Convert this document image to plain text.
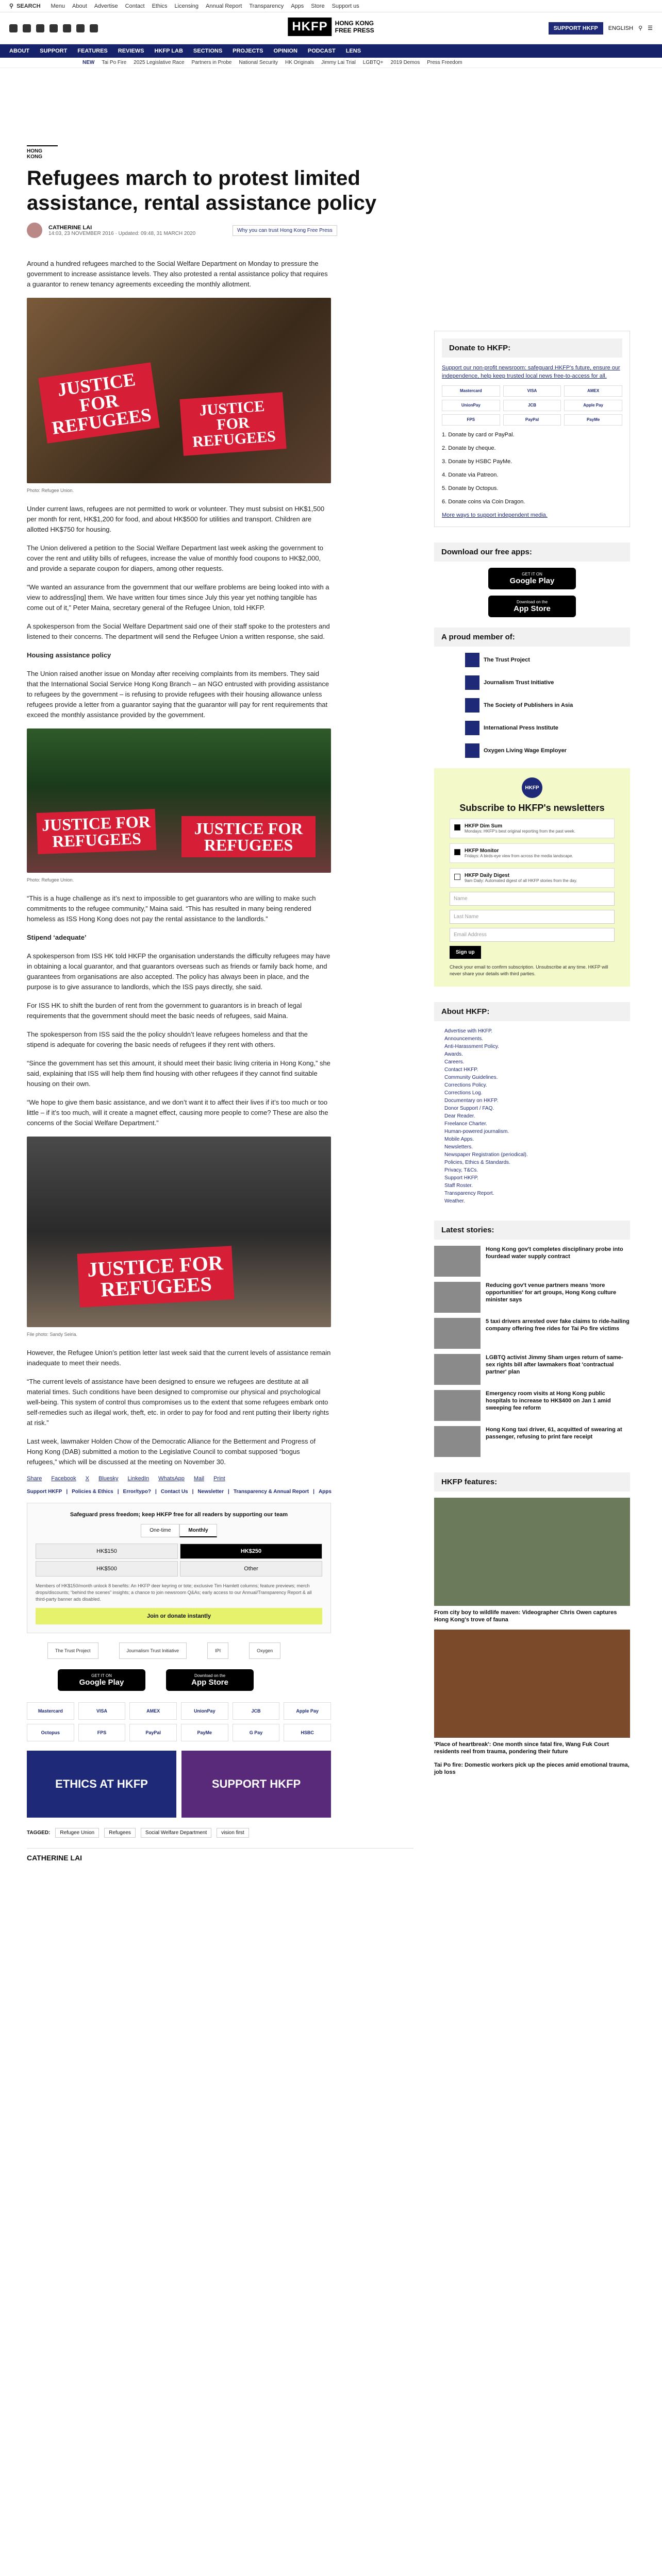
⚲ SEARCH Menu About Advertise Contact Ethics Licensing Annual Report Transparency Apps Store Support us
HKFP	HONG KONG
FREE PRESS	SUPPORT HKFP	ENGLISH ⚲ ☰
ABOUT SUPPORT FEATURES REVIEWS HKFP LAB SECTIONS PROJECTS OPINION PODCAST LENS
NEW Tai Po Fire 2025 Legislative Race Partners in Probe National Security HK Originals Jimmy Lai Trial LGBTQ+ 2019 Demos Press Freedom
HONG KONG
Refugees march to protest limited assistance, rental assistance policy
CATHERINE LAI
14:03, 23 NOVEMBER 2016 · Updated: 09:48, 31 MARCH 2020
Why you can trust Hong Kong Free Press

Around a hundred refugees marched to the Social Welfare Department on Monday to pressure the government to increase assistance levels. They also protested a rental assistance policy that requires a guarantor to renew tenancy agreements exceeding the monthly allotment.

JUSTICE FOR REFUGEES	JUSTICE FOR REFUGEES
Photo: Refugee Union.

Under current laws, refugees are not permitted to work or volunteer. They must subsist on HK$1,500 per month for rent, HK$1,200 for food, and about HK$500 for utilities and transport. Children are allotted HK$750 for housing.

The Union delivered a petition to the Social Welfare Department last week asking the government to cover the rent and utility bills of refugees, increase the value of monthly food coupons to HK$2,000, and provide a separate coupon for diapers, among other requests.

“We wanted an assurance from the government that our welfare problems are being looked into with a view to address[ing] them. We have written four times since July this year yet nothing tangible has come out of it,” Peter Maina, secretary general of the Refugee Union, told HKFP.

A spokesperson from the Social Welfare Department said one of their staff spoke to the protesters and listened to their concerns. The department will send the Refugee Union a written response, she said.

Housing assistance policy

The Union raised another issue on Monday after receiving complaints from its members. They said that the International Social Service Hong Kong Branch – an NGO entrusted with providing assistance to refugees by the government – is refusing to provide refugees with their housing allowance unless refugees provide a letter from a guarantor saying that the guarantor will pay for rent requirements that exceed the monthly assistance provided by the government.

JUSTICE FOR REFUGEES
JUSTICE FOR REFUGEES
Photo: Refugee Union.

“This is a huge challenge as it’s next to impossible to get guarantors who are willing to make such commitments to the refugee community,” Maina said. “This has resulted in many being rendered homeless as ISS Hong Kong does not pay the rental assistance to the landlords.”

Stipend ‘adequate’

A spokesperson from ISS HK told HKFP the organisation understands the difficulty refugees may have in obtaining a local guarantor, and that guarantors overseas such as friends or family back home, and guarantees from organisations are also accepted. The policy has always been in place, and the purpose is to give assurance to landlords, which the ISS pays directly, she said.

For ISS HK to shift the burden of rent from the government to guarantors is in breach of legal requirements that the government should meet the basic needs of refugees, said Maina.

The spokesperson from ISS said the the policy shouldn’t leave refugees homeless and that the stipend is adequate for covering the basic needs of refugees if they rent with others.

“Since the government has set this amount, it should meet their basic living criteria in Hong Kong,” she said, explaining that ISS will help them find housing with other refugees if they cannot find suitable housing on their own.

“We hope to give them basic assistance, and we don’t want it to affect their lives if it’s too much or too little – if it’s too much, will it create a magnet effect, causing more people to come? These are also the concerns of the Social Welfare Department.”

JUSTICE FOR REFUGEES
File photo: Sandy Seiria.

However, the Refugee Union’s petition letter last week said that the current levels of assistance remain inadequate to meet their needs.

“The current levels of assistance have been designed to ensure we refugees are destitute at all material times. Such conditions have been designed to compromise our physical and psychological well-being. This system of control thus compromises us to the extent that some refugees embark onto self-remedies such as illegal work, theft, etc. in order to pay for food and rent putting their liberty rights at risk.”

Last week, lawmaker Holden Chow of the Democratic Alliance for the Betterment and Progress of Hong Kong (DAB) submitted a motion to the Legislative Council to combat supposed “bogus refugees,” which will be discussed at the meeting on November 30.

Share Facebook X Bluesky LinkedIn WhatsApp Mail Print
Support HKFP | Policies & Ethics | Error/typo? | Contact Us | Newsletter | Transparency & Annual Report | Apps
Safeguard press freedom; keep HKFP free for all readers by supporting our team
One-time	Monthly
HK$150	HK$250
HK$500	Other
Members of HK$150/month unlock 8 benefits: An HKFP deer keyring or tote; exclusive Tim Hamlett columns; feature previews; merch drops/discounts; “behind the scenes” insights; a chance to join newsroom Q&As; early access to our Annual/Transparency Report & all third-party banner ads disabled.
Join or donate instantly
The Trust Project	Journalism Trust Initiative	IPI	Oxygen
GET IT ON
Google Play
Download on the
App Store
Mastercard	VISA	AMEX	UnionPay	JCB	Apple Pay
Octopus	FPS	PayPal	PayMe	G Pay	HSBC
ETHICS AT HKFP	SUPPORT HKFP
TAGGED:	Refugee Union	Refugees	Social Welfare Department	vision first
CATHERINE LAI
Donate to HKFP:

Support our non-profit newsroom: safeguard HKFP's future, ensure our independence, help keep trusted local news free-to-access for all.

Mastercard	VISA	AMEX
UnionPay	JCB	Apple Pay
FPS	PayPal	PayMe

1. Donate by card or PayPal.

2. Donate by cheque.

3. Donate by HSBC PayMe.

4. Donate via Patreon.

5. Donate by Octopus.

6. Donate coins via Coin Dragon.

More ways to support independent media.

Download our free apps:
GET IT ON
Google Play
Download on the
App Store
A proud member of:
The Trust Project
Journalism Trust Initiative
The Society of Publishers in Asia
International Press Institute
Oxygen Living Wage Employer
HKFP
Subscribe to HKFP's newsletters
HKFP Dim Sum
Mondays: HKFP's best original reporting from the past week.
HKFP Monitor
Fridays: A birds-eye view from across the media landscape.
HKFP Daily Digest
9am Daily: Automated digest of all HKFP stories from the day.
Name
Last Name
Email Address
Sign up
Check your email to confirm subscription. Unsubscribe at any time. HKFP will never share your details with third parties.
About HKFP:
Advertise with HKFP.
Announcements.
Anti-Harassment Policy.
Awards.
Careers.
Contact HKFP.
Community Guidelines.
Corrections Policy.
Corrections Log.
Documentary on HKFP.
Donor Support / FAQ.
Dear Reader.
Freelance Charter.
Human-powered journalism.
Mobile Apps.
Newsletters.
Newspaper Registration (periodical).
Policies, Ethics & Standards.
Privacy, T&Cs.
Support HKFP.
Staff Roster.
Transparency Report.
Weather.
Latest stories:
Hong Kong gov't completes disciplinary probe into fourdead water supply contract
Reducing gov't venue partners means 'more opportunities' for art groups, Hong Kong culture minister says
5 taxi drivers arrested over fake claims to ride-hailing company offering free rides for Tai Po fire victims
LGBTQ activist Jimmy Sham urges return of same-sex rights bill after lawmakers float 'contractual partner' plan
Emergency room visits at Hong Kong public hospitals to increase to HK$400 on Jan 1 amid sweeping fee reform
Hong Kong taxi driver, 61, acquitted of swearing at passenger, refusing to print fare receipt
HKFP features:
From city boy to wildlife maven: Videographer Chris Owen captures Hong Kong's trove of fauna
'Place of heartbreak': One month since fatal fire, Wang Fuk Court residents reel from trauma, pondering their future
Tai Po fire: Domestic workers pick up the pieces amid emotional trauma, job loss
